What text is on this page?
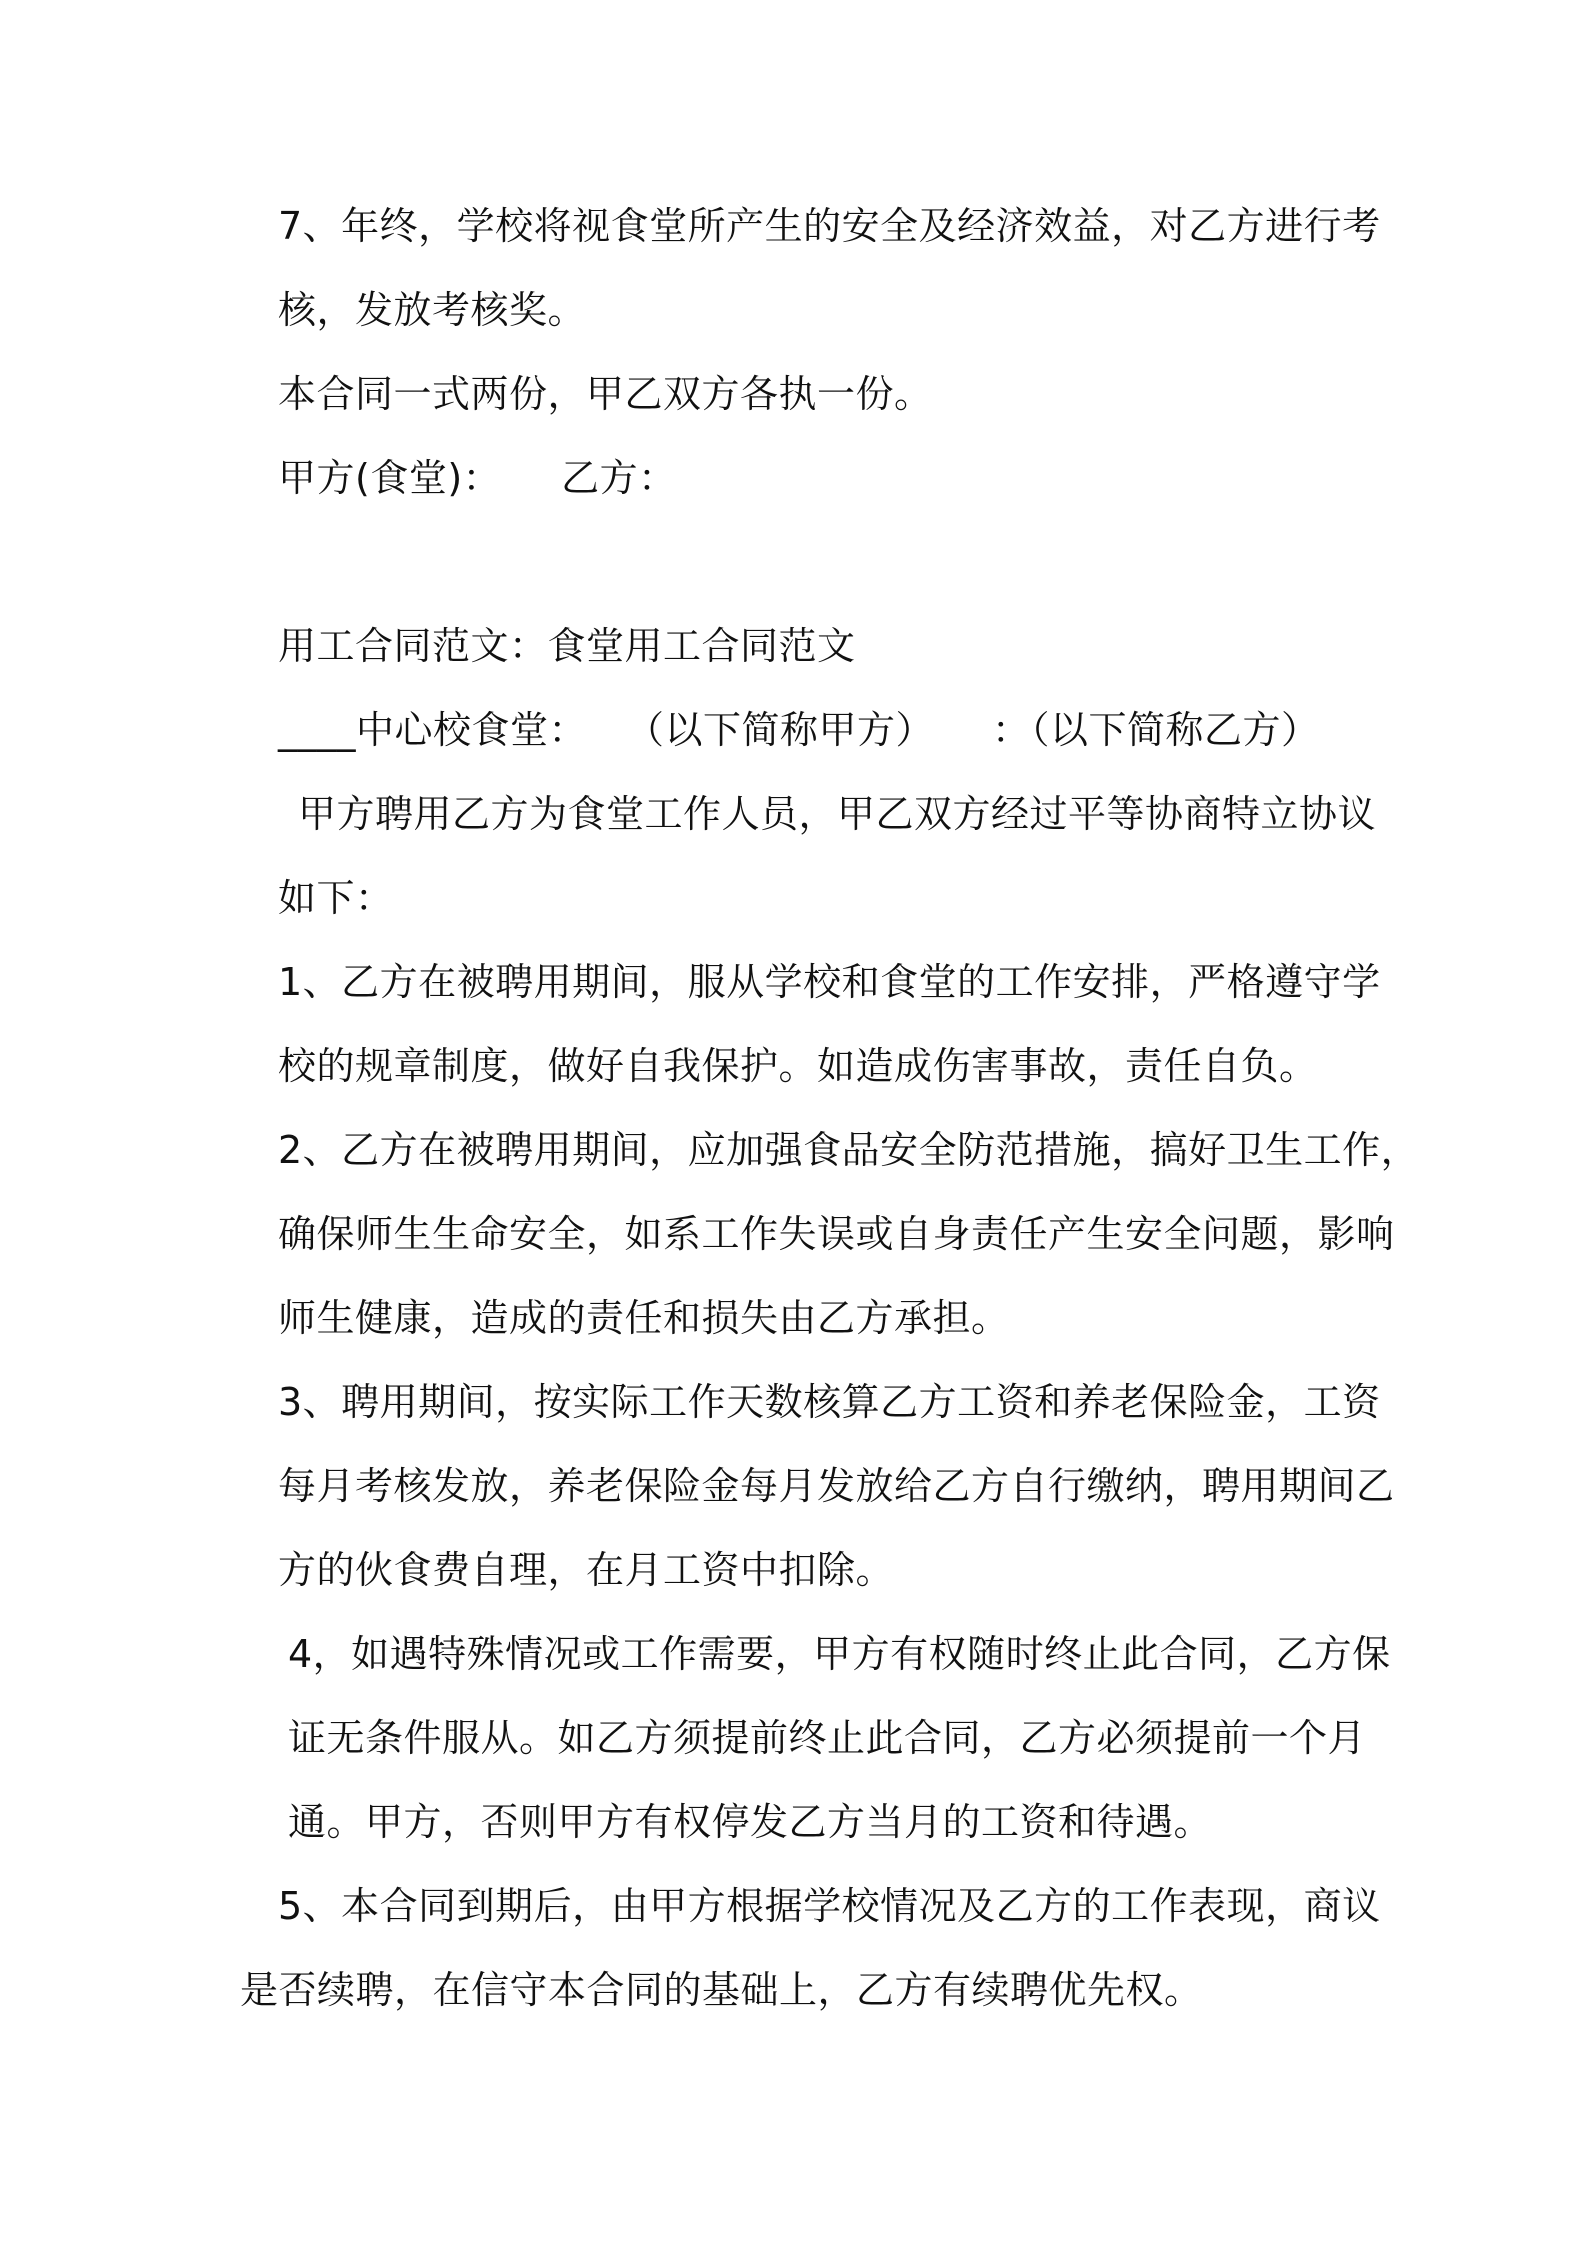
7、年终，学校将视食堂所产生的安全及经济效益，对乙方进行考
核，发放考核奖。
本合同一式两份，甲乙双方各执一份。
甲方(食堂)： 乙方：
用工合同范文：食堂用工合同范文
____中心校食堂：　　（以下简称甲方）　　：（以下简称乙方）
甲方聘用乙方为食堂工作人员，甲乙双方经过平等协商特立协议
如下：
1、乙方在被聘用期间，服从学校和食堂的工作安排，严格遵守学
校的规章制度，做好自我保护。如造成伤害事故，责任自负。
2、乙方在被聘用期间，应加强食品安全防范措施，搞好卫生工作，
确保师生生命安全，如系工作失误或自身责任产生安全问题，影响
师生健康，造成的责任和损失由乙方承担。
3、聘用期间，按实际工作天数核算乙方工资和养老保险金，工资
每月考核发放，养老保险金每月发放给乙方自行缴纳，聘用期间乙
方的伙食费自理，在月工资中扣除。
4，如遇特殊情况或工作需要，甲方有权随时终止此合同，乙方保
证无条件服从。如乙方须提前终止此合同，乙方必须提前一个月
通。甲方，否则甲方有权停发乙方当月的工资和待遇。
5、本合同到期后，由甲方根据学校情况及乙方的工作表现，商议
是否续聘，在信守本合同的基础上，乙方有续聘优先权。
